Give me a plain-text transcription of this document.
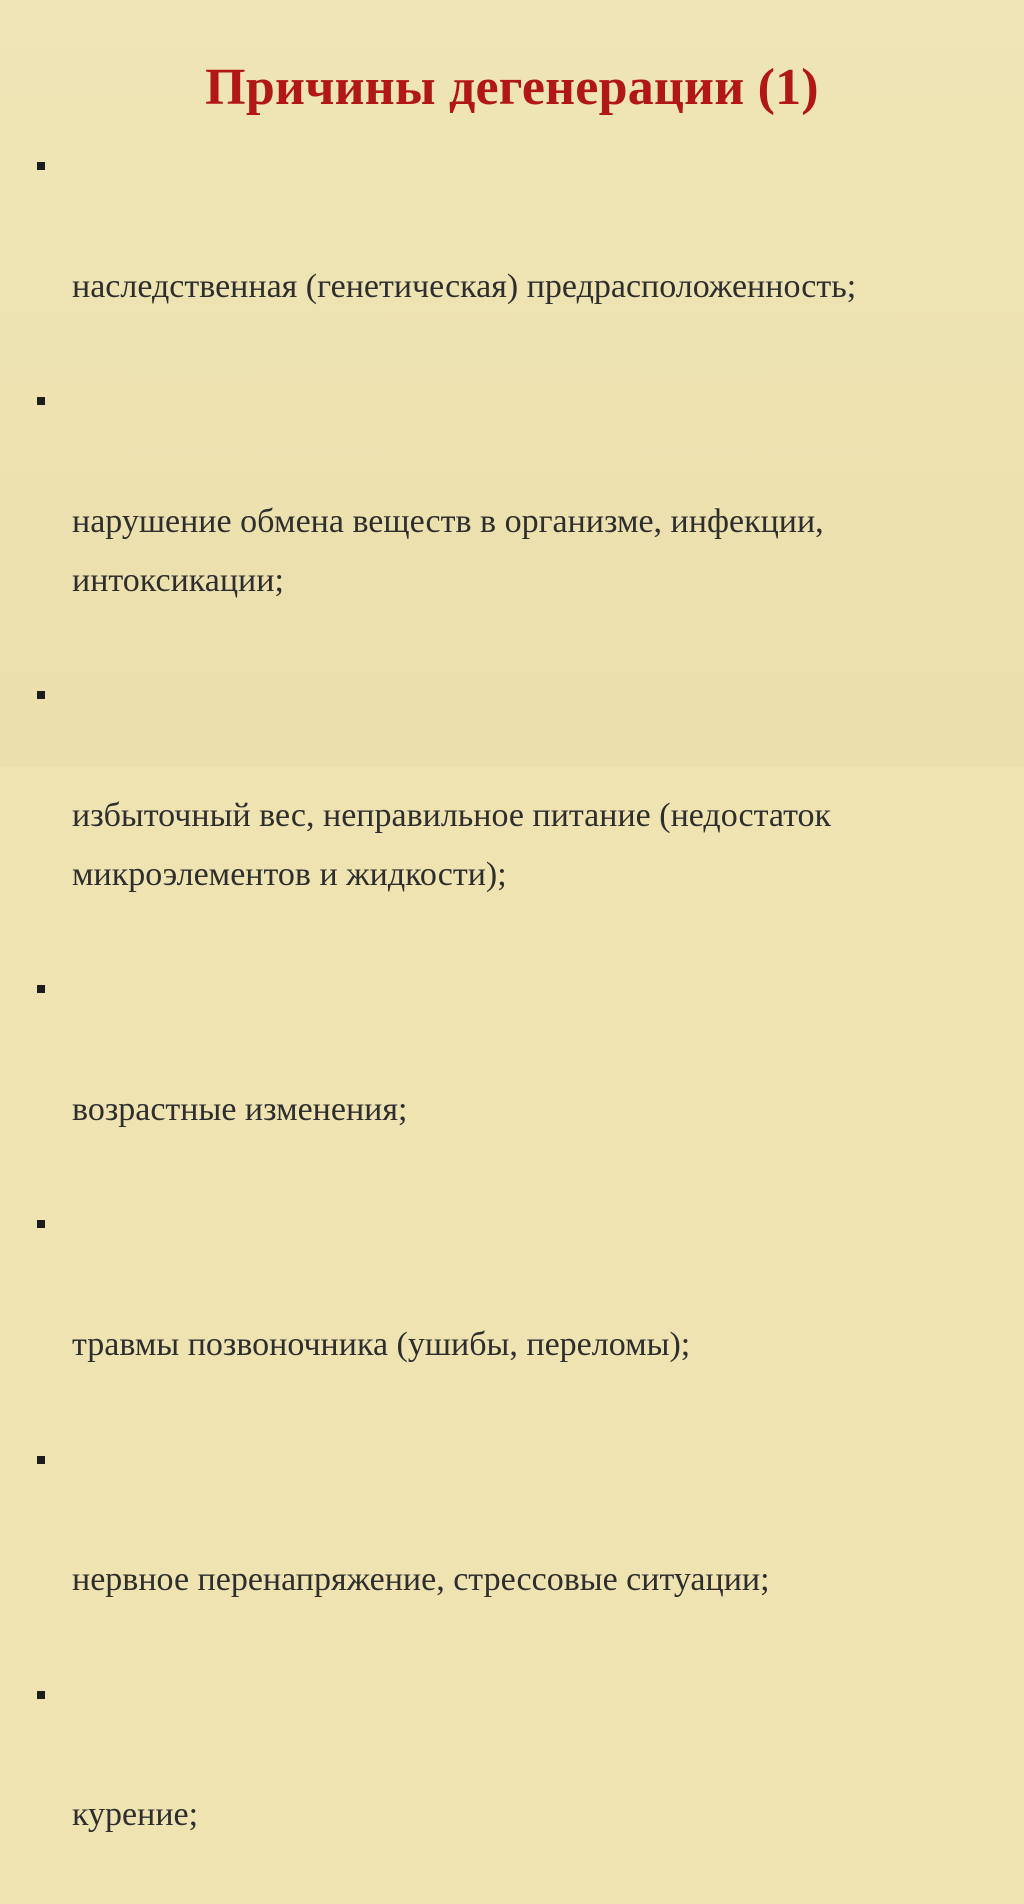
Причины дегенерации (1)

наследственная (генетическая) предрасположенность;

нарушение обмена веществ в организме, инфекции,
интоксикации;

избыточный вес, неправильное питание (недостаток
микроэлементов и жидкости);

возрастные изменения;

травмы позвоночника (ушибы, переломы);

нервное перенапряжение, стрессовые ситуации;

курение;
